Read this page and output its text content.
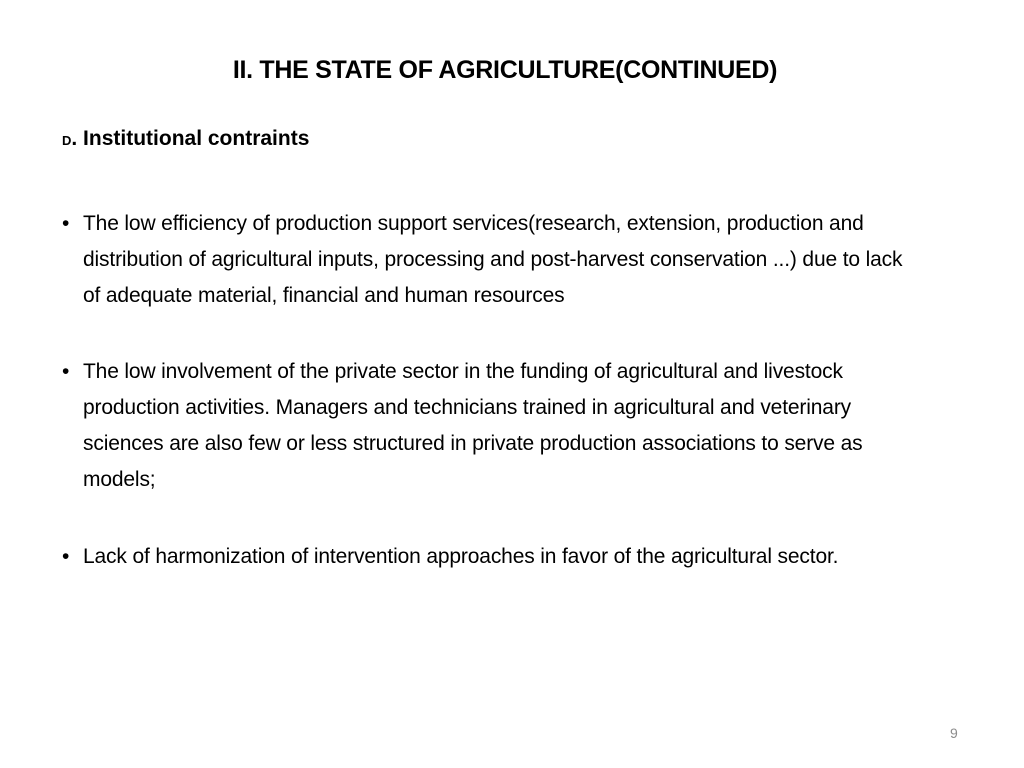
II. THE STATE OF AGRICULTURE(CONTINUED)

D. Institutional contraints

• The low efficiency of production support services(research, extension, production and distribution of agricultural inputs, processing and post-harvest conservation ...) due to lack of adequate material, financial and human resources
• The low involvement of the private sector in the funding of agricultural and livestock production activities. Managers and technicians trained in agricultural and veterinary sciences are also few or less structured in private production associations to serve as models;
• Lack of harmonization of intervention approaches in favor of the agricultural sector.
9
